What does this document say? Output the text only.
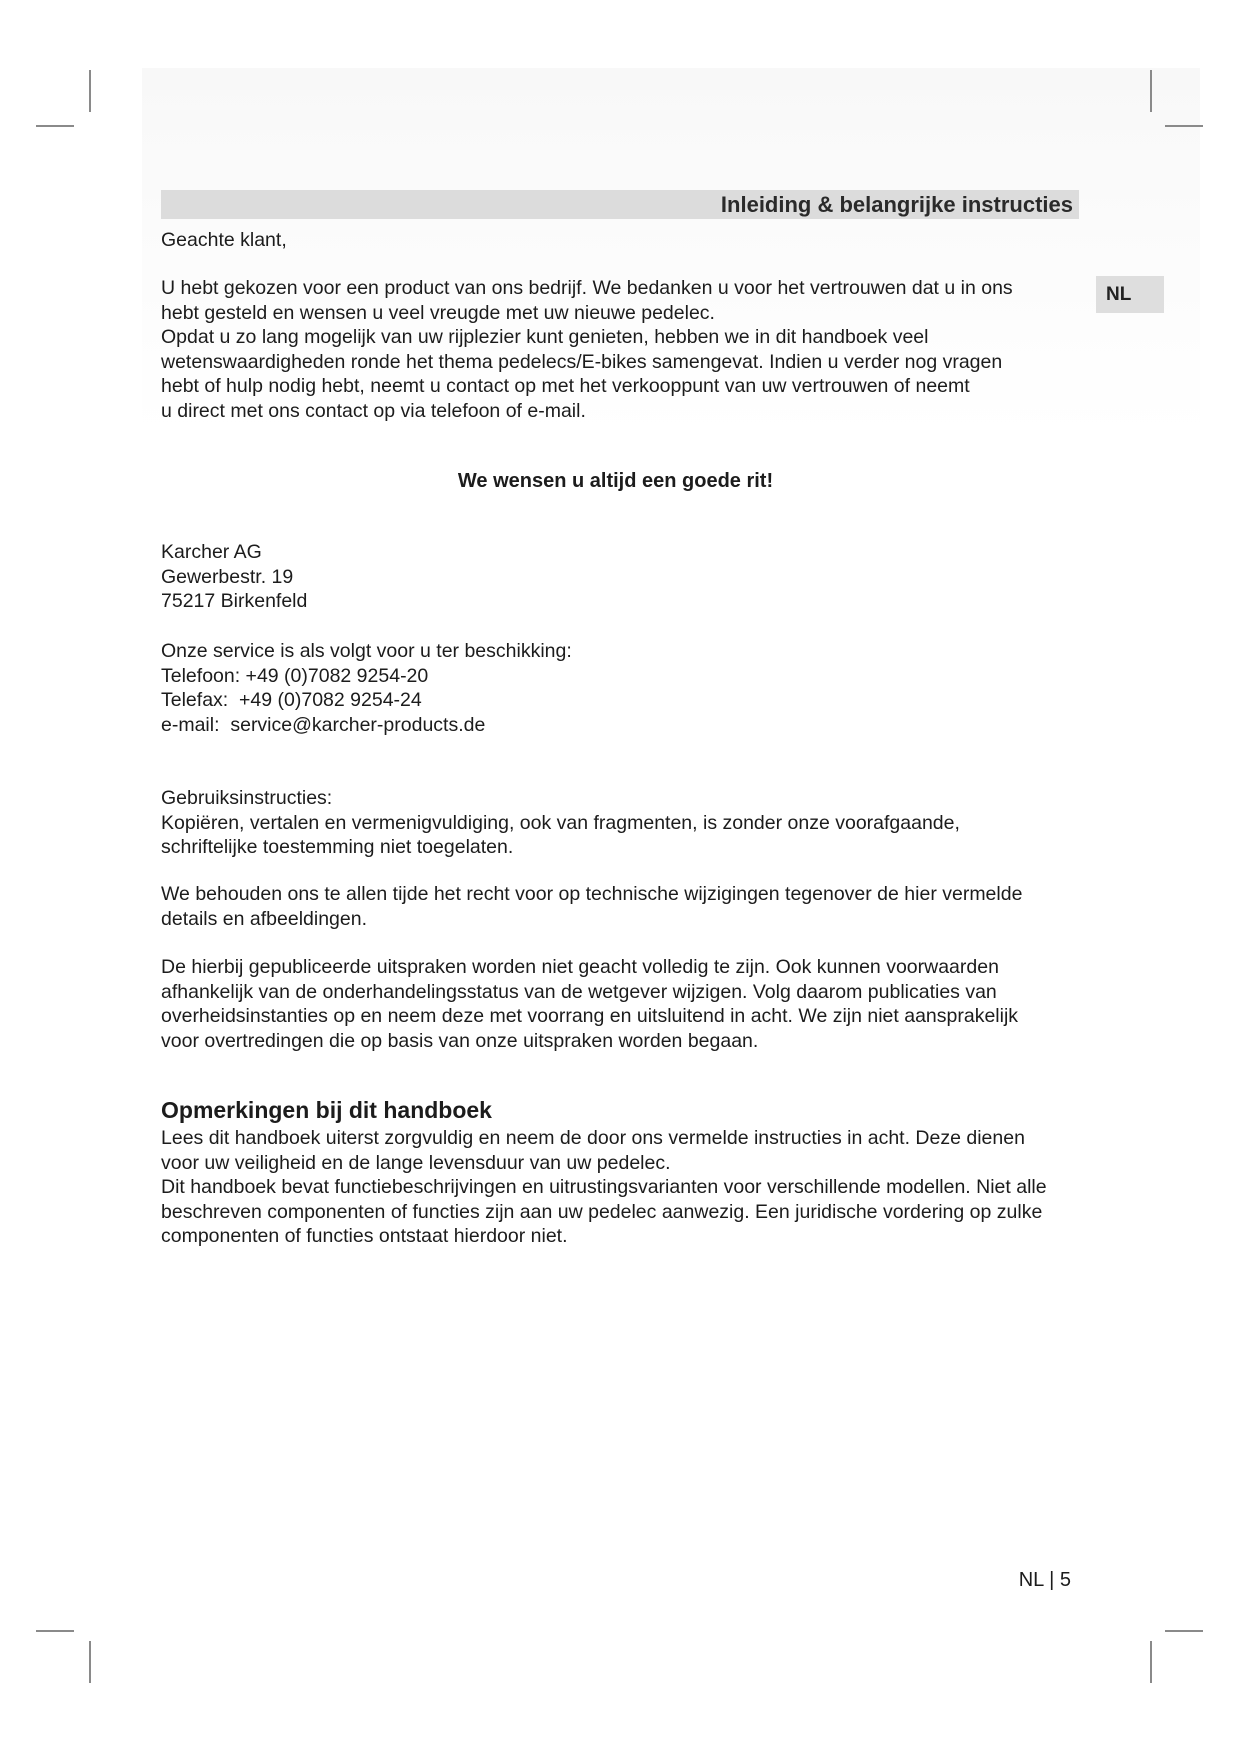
Inleiding & belangrijke instructies
NL
Geachte klant,
U hebt gekozen voor een product van ons bedrijf. We bedanken u voor het vertrouwen dat u in ons
hebt gesteld en wensen u veel vreugde met uw nieuwe pedelec.
Opdat u zo lang mogelijk van uw rijplezier kunt genieten, hebben we in dit handboek veel
wetenswaardigheden ronde het thema pedelecs/E-bikes samengevat. Indien u verder nog vragen
hebt of hulp nodig hebt, neemt u contact op met het verkooppunt van uw vertrouwen of neemt
u direct met ons contact op via telefoon of e-mail.
We wensen u altijd een goede rit!
Karcher AG
Gewerbestr. 19
75217 Birkenfeld
Onze service is als volgt voor u ter beschikking:
Telefoon: +49 (0)7082 9254-20
Telefax:  +49 (0)7082 9254-24
e-mail:  service@karcher-products.de
Gebruiksinstructies:
Kopiëren, vertalen en vermenigvuldiging, ook van fragmenten, is zonder onze voorafgaande,
schriftelijke toestemming niet toegelaten.
We behouden ons te allen tijde het recht voor op technische wijzigingen tegenover de hier vermelde
details en afbeeldingen.
De hierbij gepubliceerde uitspraken worden niet geacht volledig te zijn. Ook kunnen voorwaarden
afhankelijk van de onderhandelingsstatus van de wetgever wijzigen. Volg daarom publicaties van
overheidsinstanties op en neem deze met voorrang en uitsluitend in acht. We zijn niet aansprakelijk
voor overtredingen die op basis van onze uitspraken worden begaan.
Opmerkingen bij dit handboek
Lees dit handboek uiterst zorgvuldig en neem de door ons vermelde instructies in acht. Deze dienen
voor uw veiligheid en de lange levensduur van uw pedelec.
Dit handboek bevat functiebeschrijvingen en uitrustingsvarianten voor verschillende modellen. Niet alle
beschreven componenten of functies zijn aan uw pedelec aanwezig. Een juridische vordering op zulke
componenten of functies ontstaat hierdoor niet.
NL | 5
